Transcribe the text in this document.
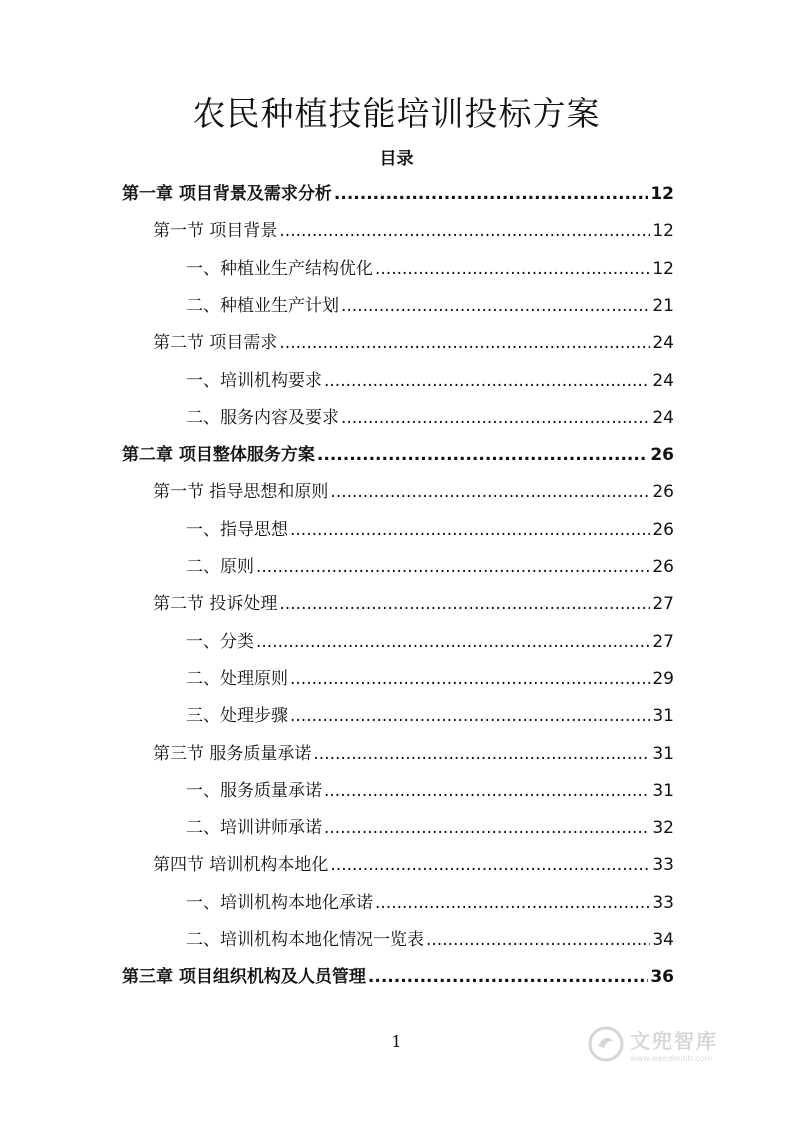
农民种植技能培训投标方案
目录
第一章 项目背景及需求分析 .....	12
第一节 项目背景 .....	12
一、种植业生产结构优化 .....	12
二、种植业生产计划 .....	21
第二节 项目需求 .....	24
一、培训机构要求 .....	24
二、服务内容及要求 .....	24
第二章 项目整体服务方案 .....	26
第一节 指导思想和原则 .....	26
一、指导思想 .....	26
二、原则 .....	26
第二节 投诉处理 .....	27
一、分类 .....	27
二、处理原则 .....	29
三、处理步骤 .....	31
第三节 服务质量承诺 .....	31
一、服务质量承诺 .....	31
二、培训讲师承诺 .....	32
第四节 培训机构本地化 .....	33
一、培训机构本地化承诺 .....	33
二、培训机构本地化情况一览表 .....	34
第三章 项目组织机构及人员管理 .....	36
1	文兜智库
www.wendoulib.com
